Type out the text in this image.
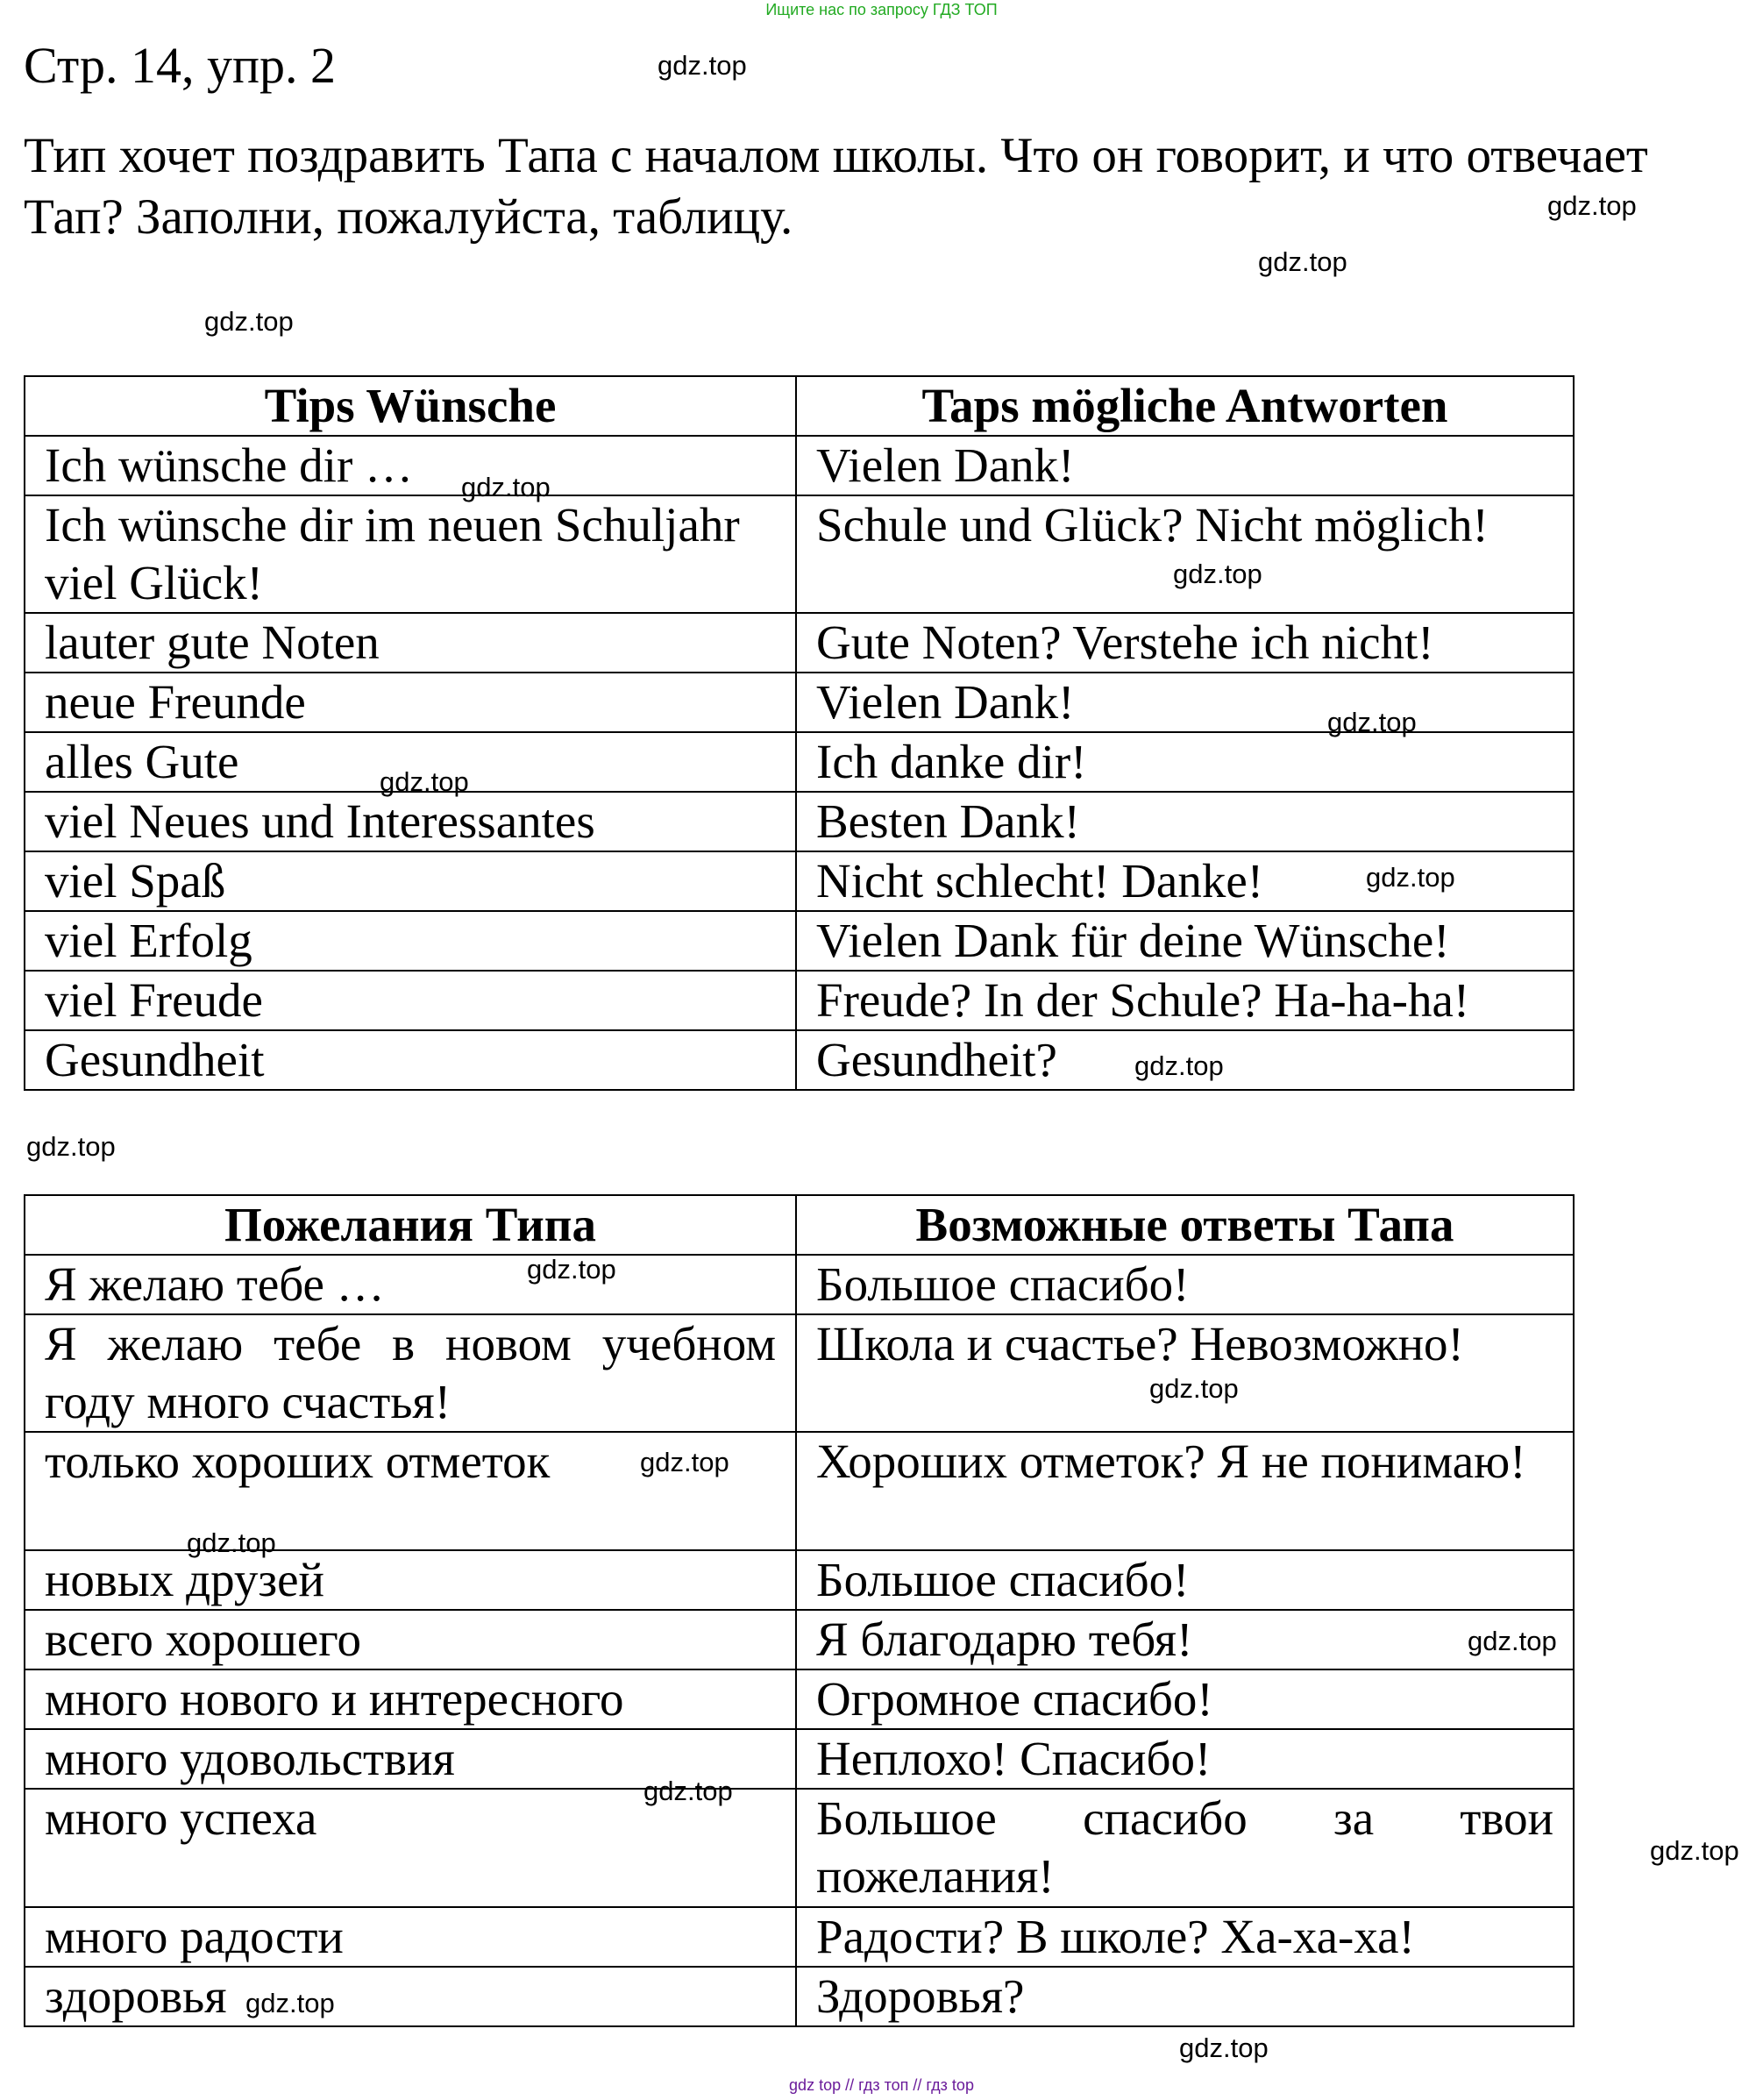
Ищите нас по запросу ГДЗ ТОП
Стр. 14, упр. 2

Тип хочет поздравить Тапа с началом школы. Что он говорит, и что отвечает
Тап? Заполни, пожалуйста, таблицу.

Tips Wünsche	Taps mögliche Antworten
Ich wünsche dir …	Vielen Dank!
Ich wünsche dir im neuen Schuljahr viel Glück!	Schule und Glück? Nicht möglich!
lauter gute Noten	Gute Noten? Verstehe ich nicht!
neue Freunde	Vielen Dank!
alles Gute	Ich danke dir!
viel Neues und Interessantes	Besten Dank!
viel Spaß	Nicht schlecht! Danke!
viel Erfolg	Vielen Dank für deine Wünsche!
viel Freude	Freude? In der Schule? Ha-ha-ha!
Gesundheit	Gesundheit?
Пожелания Типа	Возможные ответы Тапа
Я желаю тебе …	Большое спасибо!
Я желаю тебе в новом учебном году много счастья!	Школа и счастье? Невозможно!
только хороших отметок	Хороших отметок? Я не понимаю!
новых друзей	Большое спасибо!
всего хорошего	Я благодарю тебя!
много нового и интересного	Огромное спасибо!
много удовольствия	Неплохо! Спасибо!
много успеха	Большое спасибо за твои пожелания!
много радости	Радости? В школе? Ха-ха-ха!
здоровья	Здоровья?
gdz.top
gdz.top
gdz.top
gdz.top
gdz.top
gdz.top
gdz.top
gdz.top
gdz.top
gdz.top
gdz.top
gdz.top
gdz.top
gdz.top
gdz.top
gdz.top
gdz.top
gdz.top
gdz.top
gdz.top
gdz top // гдз топ // гдз top
